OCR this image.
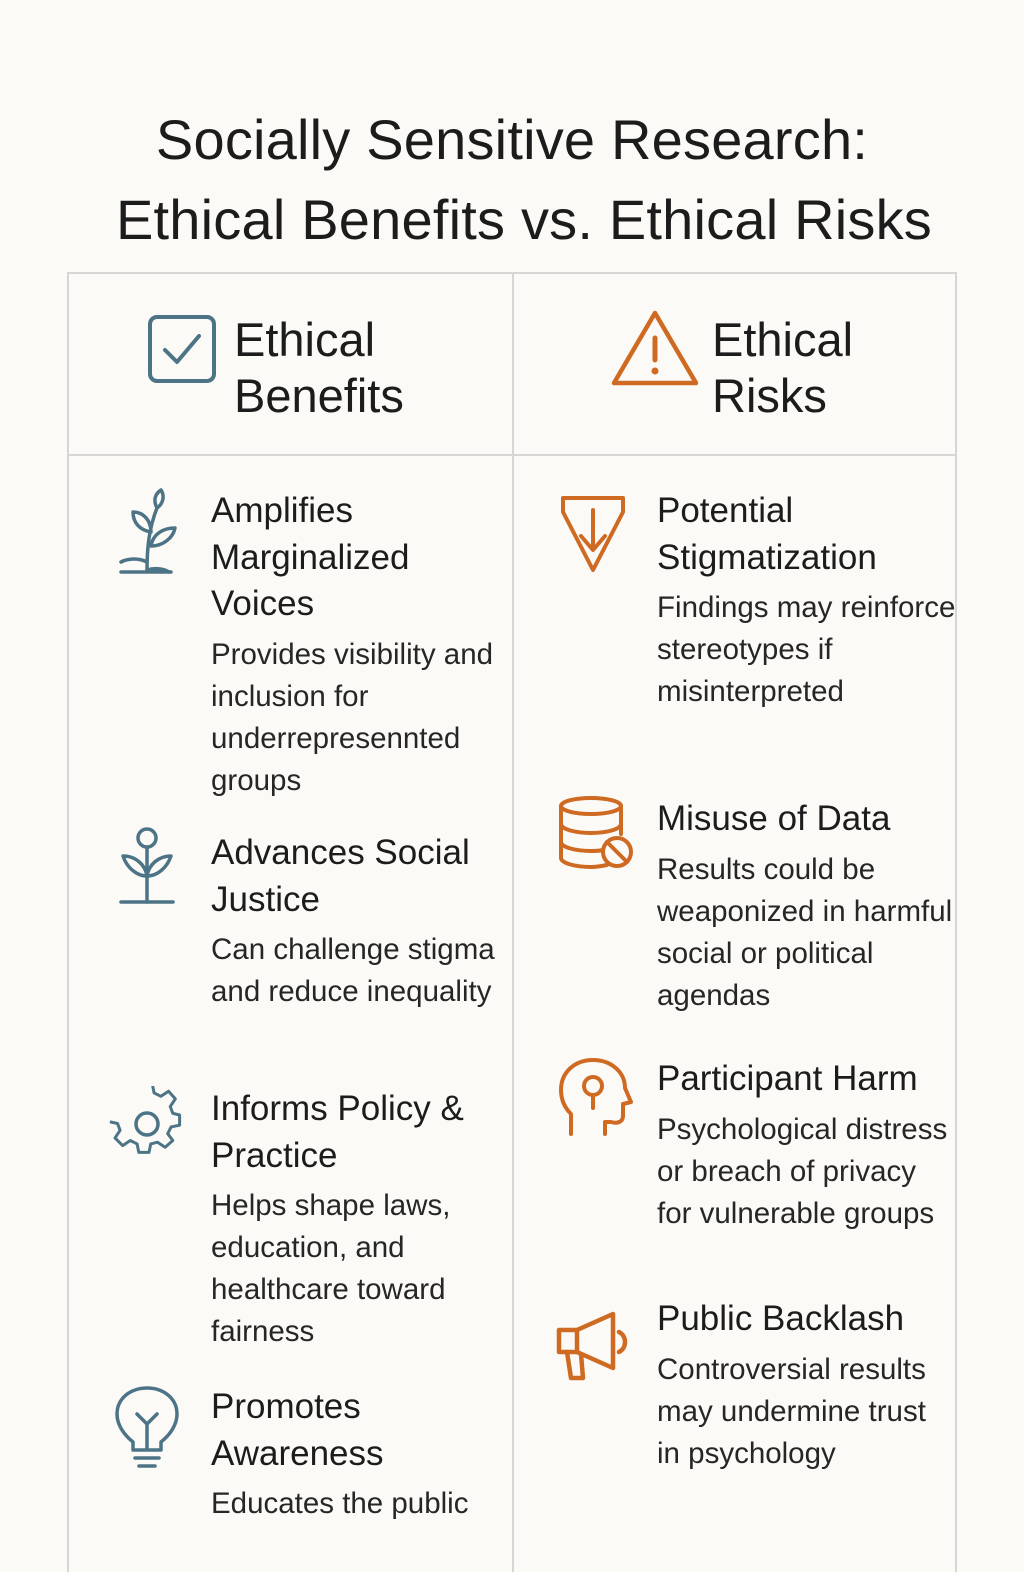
Socially Sensitive Research:

Ethical Benefits vs. Ethical Risks
Ethical
Benefits
Ethical
Risks
Amplifies Marginalized Voices
Provides visibility and inclusion for underrepresennted groups
Advances Social Justice
Can challenge stigma and reduce inequality
Informs Policy & Practice
Helps shape laws, education, and healthcare toward fairness
Promotes Awareness
Educates the public
Potential Stigmatization
Findings may reinforce stereotypes if misinterpreted
Misuse of Data
Results could be weaponized in harmful social or political agendas
Participant Harm
Psychological distress or breach of privacy for vulnerable groups
Public Backlash
Controversial results may undermine trust in psychology
